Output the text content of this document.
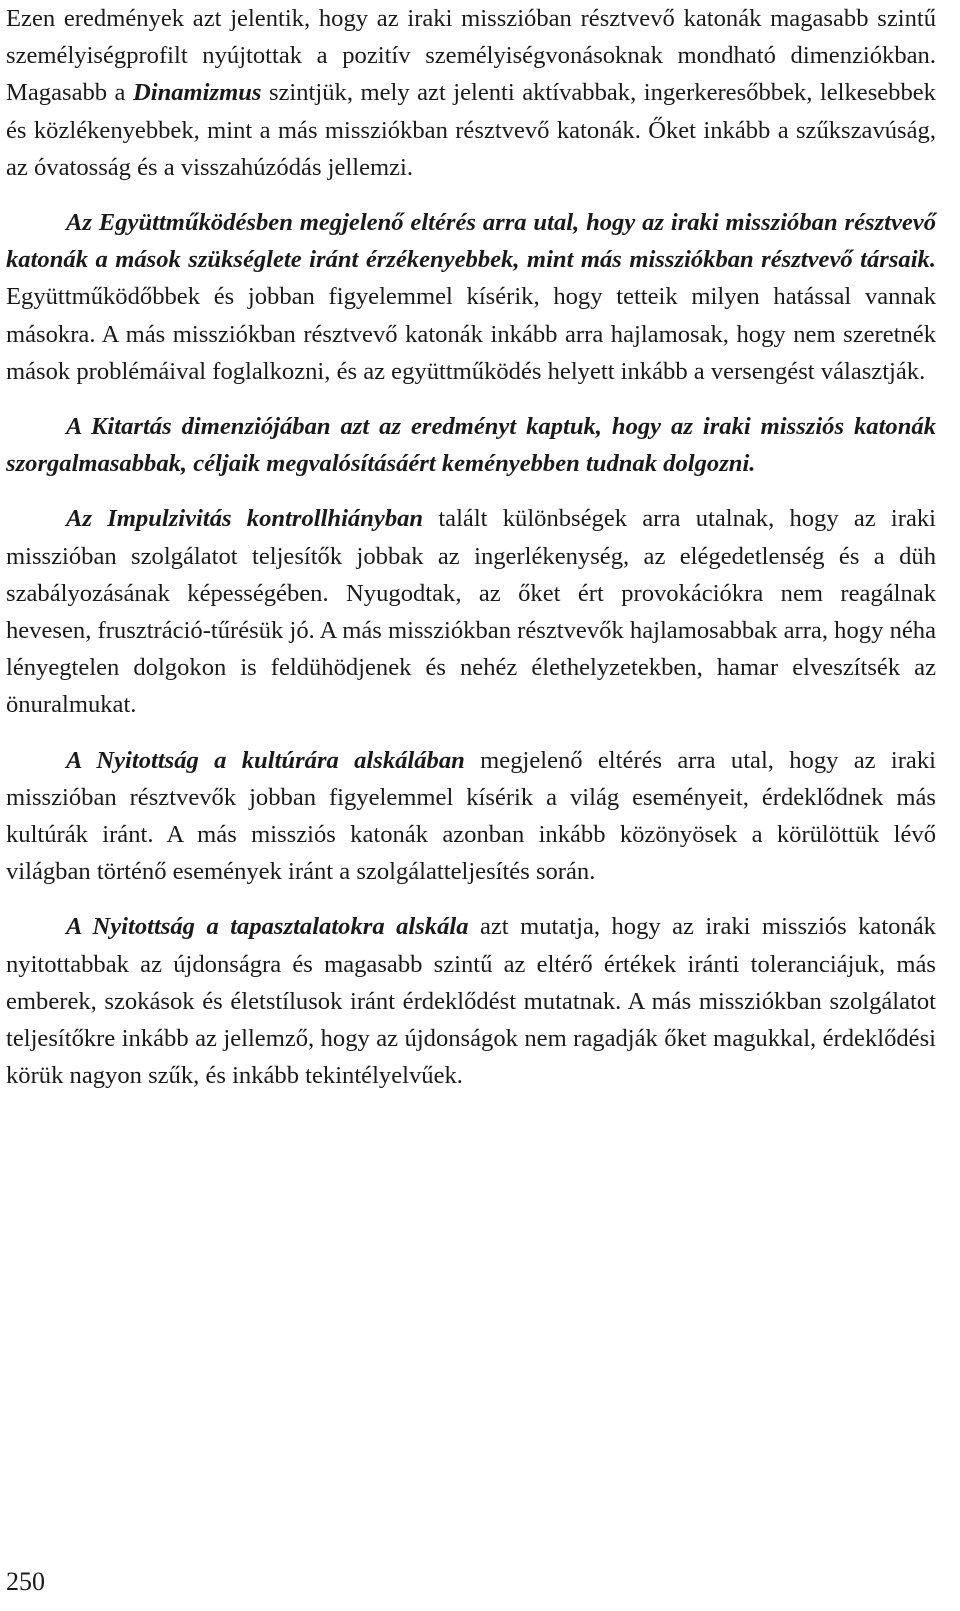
Ezen eredmények azt jelentik, hogy az iraki misszióban résztvevő katonák magasabb szintű személyiségprofilt nyújtottak a pozitív személyiségvonásoknak mondható dimenziókban. Magasabb a Dinamizmus szintjük, mely azt jelenti aktívabbak, ingerkeresőbbek, lelkesebbek és közlékenyebbek, mint a más missziókban résztvevő katonák. Őket inkább a szűkszavúság, az óvatosság és a visszahúzódás jellemzi.

Az Együttműködésben megjelenő eltérés arra utal, hogy az iraki misszióban résztvevő katonák a mások szükséglete iránt érzékenyebbek, mint más missziókban résztvevő társaik. Együttműködőbbek és jobban figyelemmel kísérik, hogy tetteik milyen hatással vannak másokra. A más missziókban résztvevő katonák inkább arra hajlamosak, hogy nem szeretnék mások problémáival foglalkozni, és az együttműködés helyett inkább a versengést választják.

A Kitartás dimenziójában azt az eredményt kaptuk, hogy az iraki missziós katonák szorgalmasabbak, céljaik megvalósításáért keményebben tudnak dolgozni.

Az Impulzivitás kontrollhiányban talált különbségek arra utalnak, hogy az iraki misszióban szolgálatot teljesítők jobbak az ingerlékenység, az elégedetlenség és a düh szabályozásának képességében. Nyugodtak, az őket ért provokációkra nem reagálnak hevesen, frusztráció-tűrésük jó. A más missziókban résztvevők hajlamosabbak arra, hogy néha lényegtelen dolgokon is feldühödjenek és nehéz élethelyzetekben, hamar elveszítsék az önuralmukat.

A Nyitottság a kultúrára alskálában megjelenő eltérés arra utal, hogy az iraki misszióban résztvevők jobban figyelemmel kísérik a világ eseményeit, érdeklődnek más kultúrák iránt. A más missziós katonák azonban inkább közönyösek a körülöttük lévő világban történő események iránt a szolgálatteljesítés során.

A Nyitottság a tapasztalatokra alskála azt mutatja, hogy az iraki missziós katonák nyitottabbak az újdonságra és magasabb szintű az eltérő értékek iránti toleranciájuk, más emberek, szokások és életstílusok iránt érdeklődést mutatnak. A más missziókban szolgálatot teljesítőkre inkább az jellemző, hogy az újdonságok nem ragadják őket magukkal, érdeklődési körük nagyon szűk, és inkább tekintélyelvűek.

250
